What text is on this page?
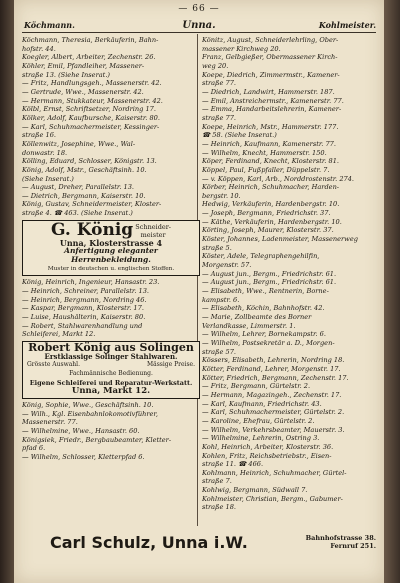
— 66 —
Köchmann.	Unna.	Kohlmeister.
Köchmann, Theresia, Berkäuferin, Bahn-
hofstr. 44.
Koegler, Albert, Arbeiter, Zechenstr. 26.
Köhler, Emil, Pfandleiher, Massener-
straße 13. (Siehe Inserat.)
— Fritz, Handlungsgeh., Massenerstr. 42.
— Gertrude, Wwe., Massenerstr. 42.
— Hermann, Stukkateur, Massenerstr. 42.
Kölbl, Ernst, Schriftsetzer, Nordring 17.
Kölker, Adolf, Kaufbursche, Kaiserstr. 80.
— Karl, Schuhmachermeister, Kessinger-
straße 16.
Köllenwitz, Josephine, Wwe., Wal-
donwastr. 18.
Kölling, Eduard, Schlosser, Königstr. 13.
König, Adolf, Mstr., Geschäftsinh. 10.
(Siehe Inserat.)
— August, Dreher, Parallelstr. 13.
— Dietrich, Bergmann, Kaiserstr. 10.
König, Gustav, Schneidermeister, Kloster-
straße 4. ☎ 463. (Siehe Inserat.)
G. König Schneider-
meister
Unna, Klosterstrasse 4
Anfertigung eleganter Herrenbekleidung.
Muster in deutschen u. englischen Stoffen.
König, Heinrich, Ingenieur, Hansastr. 23.
— Heinrich, Schreiner, Parallelstr. 13.
— Heinrich, Bergmann, Nordring 46.
— Kaspar, Bergmann, Klosterstr. 17.
— Luise, Haushälterin, Kaiserstr. 80.
— Robert, Stahlwarenhandlung und
Schleiferei, Markt 12.
Robert König aus Solingen
Erstklassige Solinger Stahlwaren.
Grösste Auswahl.	Mässige Preise.
Fachmännische Bedienung.
Eigene Schleiferei und Reparatur-Werkstatt.
Unna, Markt 12.
König, Sophie, Wwe., Geschäftsinh. 10.
— Wilh., Kgl. Eisenbahnlokomotivführer,
Massenerstr. 77.
— Wilhelmine, Wwe., Hansastr. 60.
Königsiek, Friedr., Bergbaubeamter, Kletter-
pfad 6.
— Wilhelm, Schlosser, Kletterpfad 6.
Könitz, August, Schneiderlehrling, Ober-
massener Kirchweg 20.
Franz, Gelbgießer, Obermassener Kirch-
weg 20.
Koepe, Diedrich, Zimmermstr., Kamener-
straße 77.
— Diedrich, Landwirt, Hammerstr. 187.
— Emil, Anstreichermstr., Kamenerstr. 77.
— Emma, Handarbeitslehrerin, Kamener-
straße 77.
Koepe, Heinrich, Mstr., Hammerstr. 177.
☎ 58. (Siehe Inserat.)
— Heinrich, Kaufmann, Kamenerstr. 77.
— Wilhelm, Knecht, Hammerstr. 150.
Köper, Ferdinand, Knecht, Klosterstr. 81.
Köppel, Paul, Fußpfaller, Düppelstr. 7.
— v. Köppen, Karl, Arb., Norddrostenstr. 274.
Körber, Heinrich, Schuhmacher, Harden-
bergstr. 10.
Hedwig, Verkäuferin, Hardenbergstr. 10.
— Joseph, Bergmann, Friedrichstr. 37.
— Käthe, Verkäuferin, Hardenbergstr. 10.
Körting, Joseph, Maurer, Klosterstr. 37.
Köster, Johannes, Ladenmeister, Massenerweg
straße 5.
Köster, Adele, Telegraphengehilfin,
Morgenstr. 57.
— August jun., Bergm., Friedrichstr. 61.
— August jun., Bergm., Friedrichstr. 61.
— Elisabeth, Wwe., Rentnerin, Borne-
kampstr. 6.
— Elisabeth, Köchin, Bahnhofstr. 42.
— Marie, Zollbeamte des Borner
Verlandkasse, Limmerstr. 1.
— Wilhelm, Lehrer, Bornekampstr. 6.
— Wilhelm, Postsekretär a. D., Morgen-
straße 57.
Kössers, Elisabeth, Lehrerin, Nordring 18.
Kötter, Ferdinand, Lehrer, Morgenstr. 17.
Kötter, Friedrich, Bergmann, Zechenstr. 17.
— Fritz, Bergmann, Gürtelstr. 2.
— Hermann, Magazingeh., Zechenstr. 17.
— Karl, Kaufmann, Friedrichstr. 43.
— Karl, Schuhmachermeister, Gürtelstr. 2.
— Karoline, Ehefrau, Gürtelstr. 2.
— Wilhelm, Verkehrsbeamter, Mauerstr. 3.
— Wilhelmine, Lehrerin, Ostring 3.
Kohl, Heinrich, Arbeiter, Klosterstr. 36.
Kohlen, Fritz, Reichsbetriebstr., Eisen-
straße 11. ☎ 466.
Kohlmann, Heinrich, Schuhmacher, Gürtel-
straße 7.
Kohlwig, Bergmann, Südwall 7.
Kohlmeister, Christian, Bergm., Gabumer-
straße 18.
Carl Schulz, Unna i.W.	Bahnhofstrasse 38.
Fernruf 251.
